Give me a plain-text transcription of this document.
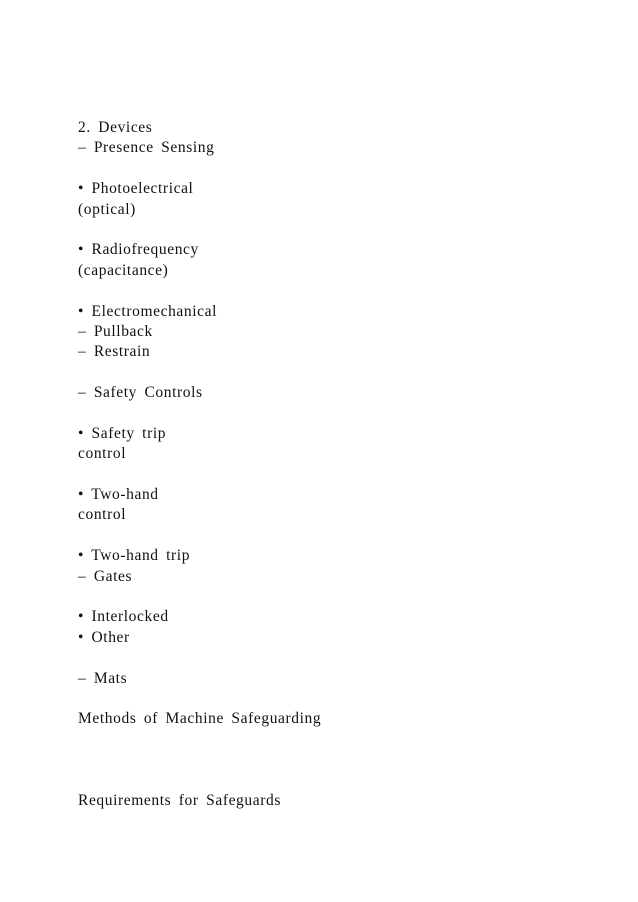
2. Devices
– Presence Sensing
• Photoelectrical
(optical)
• Radiofrequency
(capacitance)
• Electromechanical
– Pullback
– Restrain
– Safety Controls
• Safety trip
control
• Two-hand
control
• Two-hand trip
– Gates
• Interlocked
• Other
– Mats
Methods of Machine Safeguarding
Requirements for Safeguards
